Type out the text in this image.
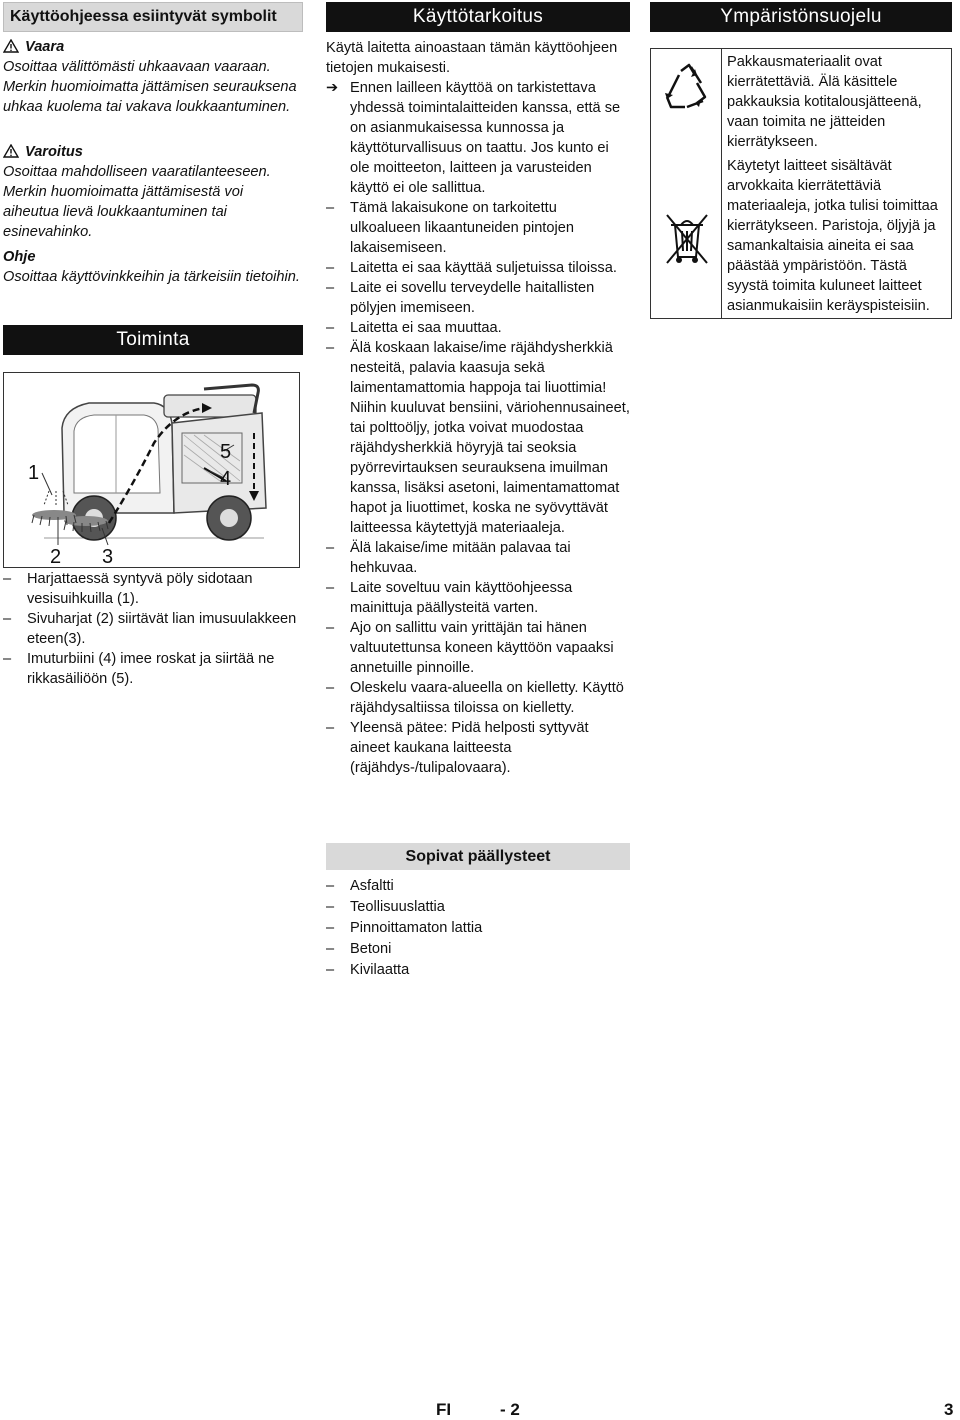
Käyttöohjeessa esiintyvät symbolit
Vaara
Osoittaa välittömästi uhkaavaan vaaraan. Merkin huomioimatta jättämisen seurauksena uhkaa kuolema tai vakava loukkaantuminen.
Varoitus
Osoittaa mahdolliseen vaaratilanteeseen. Merkin huomioimatta jättämisestä voi aiheutua lievä loukkaantuminen tai esinevahinko.
Ohje
Osoittaa käyttövinkkeihin ja tärkeisiin tietoihin.
Toiminta
1
2 3
4
5
– Harjattaessä syntyvä pöly sidotaan vesisuihkuilla (1).
– Sivuharjat (2) siirtävät lian imusuulakkeen eteen(3).
– Imuturbiini (4) imee roskat ja siirtää ne rikkasäiliöön (5).
Käyttötarkoitus
Käytä laitetta ainoastaan tämän käyttöohjeen tietojen mukaisesti.
➔ Ennen lailleen käyttöä on tarkistettava yhdessä toimintalaitteiden kanssa, että se on asianmukaisessa kunnossa ja käyttöturvallisuus on taattu. Jos kunto ei ole moitteeton, laitteen ja varusteiden käyttö ei ole sallittua.
– Tämä lakaisukone on tarkoitettu ulkoalueen likaantuneiden pintojen lakaisemiseen.
– Laitetta ei saa käyttää suljetuissa tiloissa.
– Laite ei sovellu terveydelle haitallisten pölyjen imemiseen.
– Laitetta ei saa muuttaa.
– Älä koskaan lakaise/ime räjähdysherkkiä nesteitä, palavia kaasuja sekä laimentamattomia happoja tai liuottimia! Niihin kuuluvat bensiini, väriohennusaineet, tai polttoöljy, jotka voivat muodostaa räjähdysherkkiä höyryjä tai seoksia pyörrevirtauksen seurauksena imuilman kanssa, lisäksi asetoni, laimentamattomat hapot ja liuottimet, koska ne syövyttävät laitteessa käytettyjä materiaaleja.
– Älä lakaise/ime mitään palavaa tai hehkuvaa.
– Laite soveltuu vain käyttöohjeessa mainittuja päällysteitä varten.
– Ajo on sallittu vain yrittäjän tai hänen valtuutettunsa koneen käyttöön vapaaksi annetuille pinnoille.
– Oleskelu vaara-alueella on kielletty. Käyttö räjähdysaltiissa tiloissa on kielletty.
– Yleensä pätee: Pidä helposti syttyvät aineet kaukana laitteesta (räjähdys-/tulipalovaara).
Sopivat päällysteet
– Asfaltti
– Teollisuuslattia
– Pinnoittamaton lattia
– Betoni
– Kivilaatta
Ympäristönsuojelu
Pakkausmateriaalit ovat kierrätettäviä. Älä käsittele pakkauksia kotitalousjätteenä, vaan toimita ne jätteiden kierrätykseen.
Käytetyt laitteet sisältävät arvokkaita kierrätettäviä materiaaleja, jotka tulisi toimittaa kierrätykseen. Paristoja, öljyjä ja samankaltaisia aineita ei saa päästää ympäristöön. Tästä syystä toimita kuluneet laitteet asianmukaisiin keräyspisteisiin.
FI	- 2	3
